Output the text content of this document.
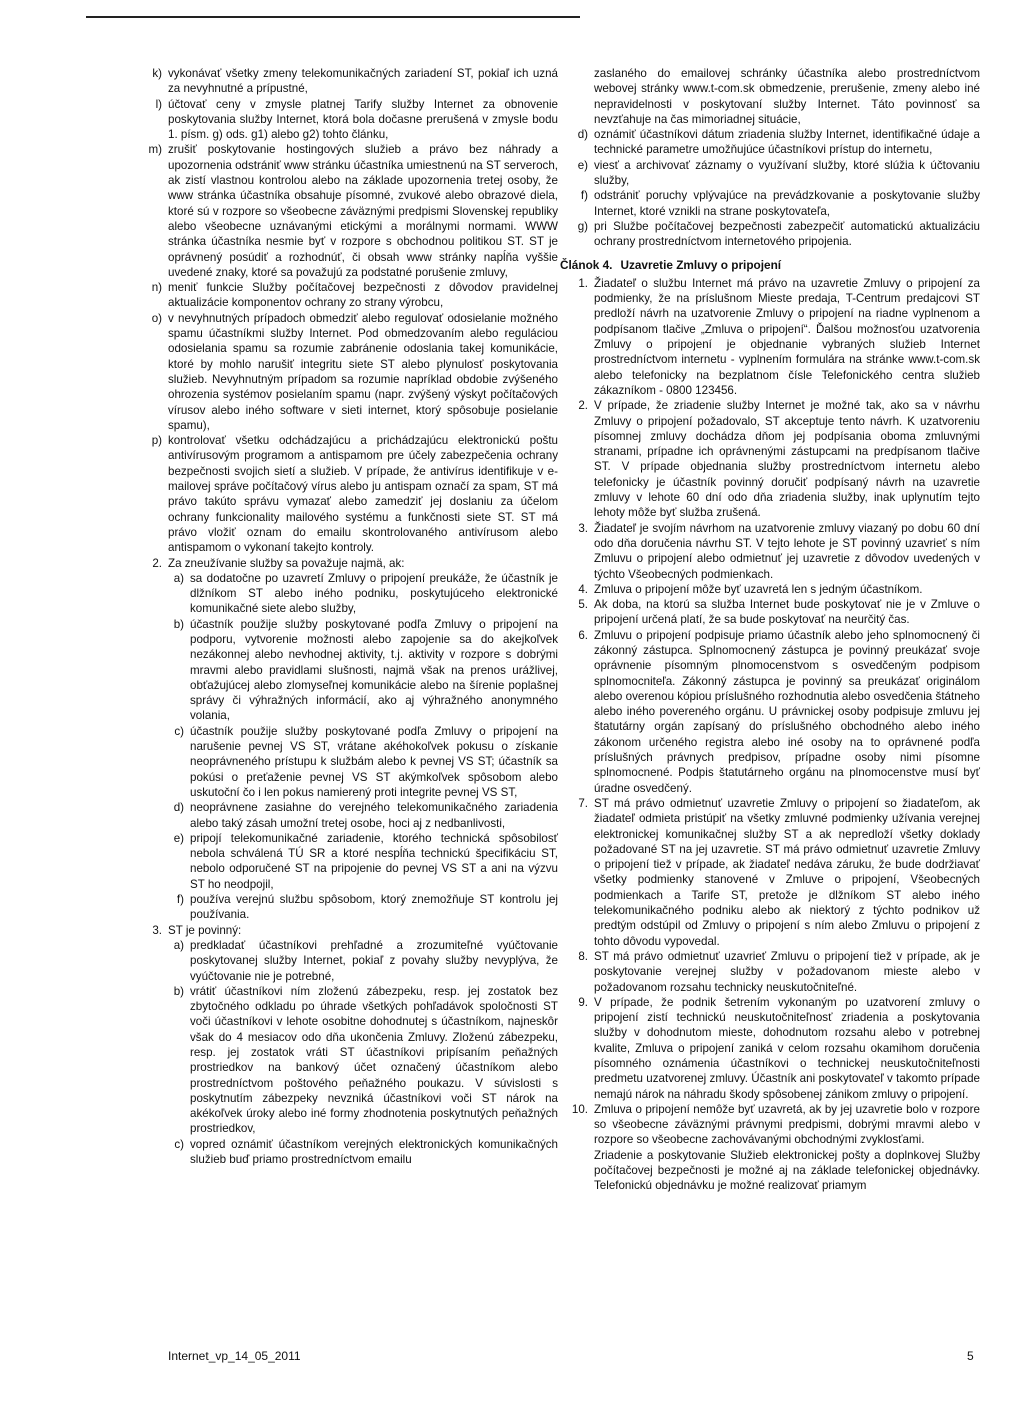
k) vykonávať všetky zmeny telekomunikačných zariadení ST, pokiaľ ich uzná za nevyhnutné a prípustné,
l) účtovať ceny v zmysle platnej Tarify služby Internet za obnovenie poskytovania služby Internet, ktorá bola dočasne prerušená v zmysle bodu 1. písm. g) ods. g1) alebo g2) tohto článku,
m) zrušiť poskytovanie hostingových služieb a právo bez náhrady a upozornenia odstrániť www stránku účastníka umiestnenú na ST serveroch, ak zistí vlastnou kontrolou alebo na základe upozornenia tretej osoby, že www stránka účastníka obsahuje písomné, zvukové alebo obrazové diela, ktoré sú v rozpore so všeobecne záväznými predpismi Slovenskej republiky alebo všeobecne uznávanými etickými a morálnymi normami. WWW stránka účastníka nesmie byť v rozpore s obchodnou politikou ST. ST je oprávnený posúdiť a rozhodnúť, či obsah www stránky napĺňa vyššie uvedené znaky, ktoré sa považujú za podstatné porušenie zmluvy,
n) meniť funkcie Služby počítačovej bezpečnosti z dôvodov pravidelnej aktualizácie komponentov ochrany zo strany výrobcu,
o) v nevyhnutných prípadoch obmedziť alebo regulovať odosielanie možného spamu účastníkmi služby Internet. Pod obmedzovaním alebo reguláciou odosielania spamu sa rozumie zabránenie odoslania takej komunikácie, ktoré by mohlo narušiť integritu siete ST alebo plynulosť poskytovania služieb. Nevyhnutným prípadom sa rozumie napríklad obdobie zvýšeného ohrozenia systémov posielaním spamu (napr. zvýšený výskyt počítačových vírusov alebo iného software v sieti internet, ktorý spôsobuje posielanie spamu),
p) kontrolovať všetku odchádzajúcu a prichádzajúcu elektronickú poštu antivírusovým programom a antispamom pre účely zabezpečenia ochrany bezpečnosti svojich sietí a služieb. V prípade, že antivírus identifikuje v e-mailovej správe počítačový vírus alebo ju antispam označí za spam, ST má právo takúto správu vymazať alebo zamedziť jej doslaniu za účelom ochrany funkcionality mailového systému a funkčnosti siete ST. ST má právo vložiť oznam do emailu skontrolovaného antivírusom alebo antispamom o vykonaní takejto kontroly.
2. Za zneužívanie služby sa považuje najmä, ak:
a) sa dodatočne po uzavretí Zmluvy o pripojení preukáže, že účastník je dlžníkom ST alebo iného podniku, poskytujúceho elektronické komunikačné siete alebo služby,
b) účastník použije služby poskytované podľa Zmluvy o pripojení na podporu, vytvorenie možnosti alebo zapojenie sa do akejkoľvek nezákonnej alebo nevhodnej aktivity, t.j. aktivity v rozpore s dobrými mravmi alebo pravidlami slušnosti, najmä však na prenos urážlivej, obťažujúcej alebo zlomyseľnej komunikácie alebo na šírenie poplašnej správy či výhražných informácií, ako aj výhražného anonymného volania,
c) účastník použije služby poskytované podľa Zmluvy o pripojení na narušenie pevnej VS ST, vrátane akéhokoľvek pokusu o získanie neoprávneného prístupu k službám alebo k pevnej VS ST; účastník sa pokúsi o preťaženie pevnej VS ST akýmkoľvek spôsobom alebo uskutoční čo i len pokus namierený proti integrite pevnej VS ST,
d) neoprávnene zasiahne do verejného telekomunikačného zariadenia alebo taký zásah umožní tretej osobe, hoci aj z nedbanlivosti,
e) pripojí telekomunikačné zariadenie, ktorého technická spôsobilosť nebola schválená TÚ SR a ktoré nespĺňa technickú špecifikáciu ST, nebolo odporučené ST na pripojenie do pevnej VS ST a ani na výzvu ST ho neodpojil,
f) používa verejnú službu spôsobom, ktorý znemožňuje ST kontrolu jej používania.
3. ST je povinný:
a) predkladať účastníkovi prehľadné a zrozumiteľné vyúčtovanie poskytovanej služby Internet, pokiaľ z povahy služby nevyplýva, že vyúčtovanie nie je potrebné,
b) vrátiť účastníkovi ním zloženú zábezpeku, resp. jej zostatok bez zbytočného odkladu po úhrade všetkých pohľadávok spoločnosti ST voči účastníkovi v lehote osobitne dohodnutej s účastníkom, najneskôr však do 4 mesiacov odo dňa ukončenia Zmluvy. Zloženú zábezpeku, resp. jej zostatok vráti ST účastníkovi pripísaním peňažných prostriedkov na bankový účet označený účastníkom alebo prostredníctvom poštového peňažného poukazu. V súvislosti s poskytnutím zábezpeky nevzniká účastníkovi voči ST nárok na akékoľvek úroky alebo iné formy zhodnotenia poskytnutých peňažných prostriedkov,
c) vopred oznámiť účastníkom verejných elektronických komunikačných služieb buď priamo prostredníctvom emailu
zaslaného do emailovej schránky účastníka alebo prostredníctvom webovej stránky www.t-com.sk obmedzenie, prerušenie, zmeny alebo iné nepravidelnosti v poskytovaní služby Internet. Táto povinnosť sa nevzťahuje na čas mimoriadnej situácie,
d) oznámiť účastníkovi dátum zriadenia služby Internet, identifikačné údaje a technické parametre umožňujúce účastníkovi prístup do internetu,
e) viesť a archivovať záznamy o využívaní služby, ktoré slúžia k účtovaniu služby,
f) odstrániť poruchy vplývajúce na prevádzkovanie a poskytovanie služby Internet, ktoré vznikli na strane poskytovateľa,
g) pri Službe počítačovej bezpečnosti zabezpečiť automatickú aktualizáciu ochrany prostredníctvom internetového pripojenia.
Článok 4. Uzavretie Zmluvy o pripojení
1. Žiadateľ o službu Internet má právo na uzavretie Zmluvy o pripojení za podmienky, že na príslušnom Mieste predaja, T-Centrum predajcovi ST predloží návrh na uzatvorenie Zmluvy o pripojení na riadne vyplnenom a podpísanom tlačive „Zmluva o pripojení“. Ďalšou možnosťou uzatvorenia Zmluvy o pripojení je objednanie vybraných služieb Internet prostredníctvom internetu - vyplnením formulára na stránke www.t-com.sk alebo telefonicky na bezplatnom čísle Telefonického centra služieb zákazníkom - 0800 123456.
2. V prípade, že zriadenie služby Internet je možné tak, ako sa v návrhu Zmluvy o pripojení požadovalo, ST akceptuje tento návrh. K uzatvoreniu písomnej zmluvy dochádza dňom jej podpísania oboma zmluvnými stranami, prípadne ich oprávnenými zástupcami na predpísanom tlačive ST. V prípade objednania služby prostredníctvom internetu alebo telefonicky je účastník povinný doručiť podpísaný návrh na uzavretie zmluvy v lehote 60 dní odo dňa zriadenia služby, inak uplynutím tejto lehoty môže byť služba zrušená.
3. Žiadateľ je svojím návrhom na uzatvorenie zmluvy viazaný po dobu 60 dní odo dňa doručenia návrhu ST. V tejto lehote je ST povinný uzavrieť s ním Zmluvu o pripojení alebo odmietnuť jej uzavretie z dôvodov uvedených v týchto Všeobecných podmienkach.
4. Zmluva o pripojení môže byť uzavretá len s jedným účastníkom.
5. Ak doba, na ktorú sa služba Internet bude poskytovať nie je v Zmluve o pripojení určená platí, že sa bude poskytovať na neurčitý čas.
6. Zmluvu o pripojení podpisuje priamo účastník alebo jeho splnomocnený či zákonný zástupca. Splnomocnený zástupca je povinný preukázať svoje oprávnenie písomným plnomocenstvom s osvedčeným podpisom splnomocniteľa. Zákonný zástupca je povinný sa preukázať originálom alebo overenou kópiou príslušného rozhodnutia alebo osvedčenia štátneho alebo iného povereného orgánu. U právnickej osoby podpisuje zmluvu jej štatutárny orgán zapísaný do príslušného obchodného alebo iného zákonom určeného registra alebo iné osoby na to oprávnené podľa príslušných právnych predpisov, prípadne osoby nimi písomne splnomocnené. Podpis štatutárneho orgánu na plnomocenstve musí byť úradne osvedčený.
7. ST má právo odmietnuť uzavretie Zmluvy o pripojení so žiadateľom, ak žiadateľ odmieta pristúpiť na všetky zmluvné podmienky užívania verejnej elektronickej komunikačnej služby ST a ak nepredloží všetky doklady požadované ST na jej uzavretie. ST má právo odmietnuť uzavretie Zmluvy o pripojení tiež v prípade, ak žiadateľ nedáva záruku, že bude dodržiavať všetky podmienky stanovené v Zmluve o pripojení, Všeobecných podmienkach a Tarife ST, pretože je dlžníkom ST alebo iného telekomunikačného podniku alebo ak niektorý z týchto podnikov už predtým odstúpil od Zmluvy o pripojení s ním alebo Zmluvu o pripojení z tohto dôvodu vypovedal.
8. ST má právo odmietnuť uzavrieť Zmluvu o pripojení tiež v prípade, ak je poskytovanie verejnej služby v požadovanom mieste alebo v požadovanom rozsahu technicky neuskutočniteľné.
9. V prípade, že podnik šetrením vykonaným po uzatvorení zmluvy o pripojení zistí technickú neuskutočniteľnosť zriadenia a poskytovania služby v dohodnutom mieste, dohodnutom rozsahu alebo v potrebnej kvalite, Zmluva o pripojení zaniká v celom rozsahu okamihom doručenia písomného oznámenia účastníkovi o technickej neuskutočniteľnosti predmetu uzatvorenej zmluvy. Účastník ani poskytovateľ v takomto prípade nemajú nárok na náhradu škody spôsobenej zánikom zmluvy o pripojení.
10. Zmluva o pripojení nemôže byť uzavretá, ak by jej uzavretie bolo v rozpore so všeobecne záväznými právnymi predpismi, dobrými mravmi alebo v rozpore so všeobecne zachovávanými obchodnými zvyklosťami.
Zriadenie a poskytovanie Služieb elektronickej pošty a doplnkovej Služby počítačovej bezpečnosti je možné aj na základe telefonickej objednávky. Telefonickú objednávku je možné realizovať priamym
Internet_vp_14_05_2011	5
